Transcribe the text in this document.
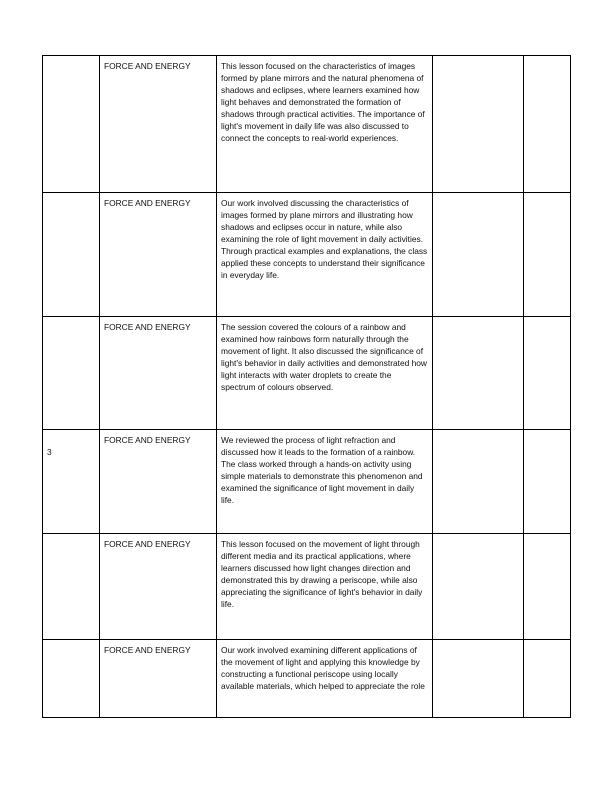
	FORCE AND ENERGY	This lesson focused on the characteristics of images formed by plane mirrors and the natural phenomena of shadows and eclipses, where learners examined how light behaves and demonstrated the formation of shadows through practical activities. The importance of light's movement in daily life was also discussed to connect the concepts to real-world experiences.		

	FORCE AND ENERGY	Our work involved discussing the characteristics of images formed by plane mirrors and illustrating how shadows and eclipses occur in nature, while also examining the role of light movement in daily activities. Through practical examples and explanations, the class applied these concepts to understand their significance in everyday life.		

	FORCE AND ENERGY	The session covered the colours of a rainbow and examined how rainbows form naturally through the movement of light. It also discussed the significance of light's behavior in daily activities and demonstrated how light interacts with water droplets to create the spectrum of colours observed.		

3	FORCE AND ENERGY	We reviewed the process of light refraction and discussed how it leads to the formation of a rainbow. The class worked through a hands-on activity using simple materials to demonstrate this phenomenon and examined the significance of light movement in daily life.		

	FORCE AND ENERGY	This lesson focused on the movement of light through different media and its practical applications, where learners discussed how light changes direction and demonstrated this by drawing a periscope, while also appreciating the significance of light's behavior in daily life.		

	FORCE AND ENERGY	Our work involved examining different applications of the movement of light and applying this knowledge by constructing a functional periscope using locally available materials, which helped to appreciate the role		
